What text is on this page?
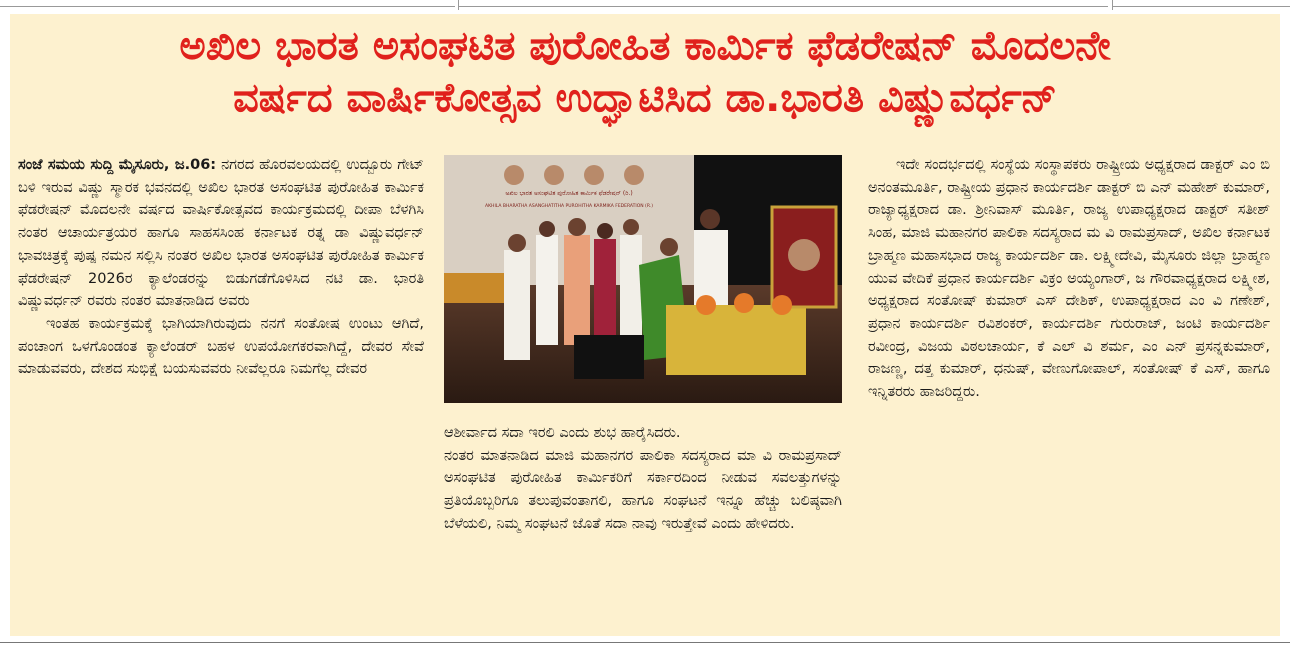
ಅಖಿಲ ಭಾರತ ಅಸಂಘಟಿತ ಪುರೋಹಿತ ಕಾರ್ಮಿಕ ಫೆಡರೇಷನ್ ಮೊದಲನೇ
ವರ್ಷದ ವಾರ್ಷಿಕೋತ್ಸವ ಉದ್ಘಾಟಿಸಿದ ಡಾ.ಭಾರತಿ ವಿಷ್ಣುವರ್ಧನ್

ಸಂಜೆ ಸಮಯ ಸುದ್ದಿ ಮೈಸೂರು, ಜ.06: ನಗರದ ಹೊರವಲಯದಲ್ಲಿ ಉದ್ಬೂರು ಗೇಟ್ ಬಳಿ ಇರುವ ವಿಷ್ಣು ಸ್ಮಾರಕ ಭವನದಲ್ಲಿ ಅಖಿಲ ಭಾರತ ಅಸಂಘಟಿತ ಪುರೋಹಿತ ಕಾರ್ಮಿಕ ಫೆಡರೇಷನ್ ಮೊದಲನೇ ವರ್ಷದ ವಾರ್ಷಿಕೋತ್ಸವದ ಕಾರ್ಯಕ್ರಮದಲ್ಲಿ ದೀಪಾ ಬೆಳಗಿಸಿ ನಂತರ ಆಚಾರ್ಯತ್ರಯರ ಹಾಗೂ ಸಾಹಸಸಿಂಹ ಕರ್ನಾಟಕ ರತ್ನ ಡಾ ವಿಷ್ಣುವರ್ಧನ್ ಭಾವಚಿತ್ರಕ್ಕೆ ಪುಷ್ಪ ನಮನ ಸಲ್ಲಿಸಿ ನಂತರ ಅಖಿಲ ಭಾರತ ಅಸಂಘಟಿತ ಪುರೋಹಿತ ಕಾರ್ಮಿಕ ಫೆಡರೇಷನ್ 2026ರ ಕ್ಯಾಲೆಂಡರನ್ನು ಬಿಡುಗಡೆಗೊಳಿಸಿದ ನಟಿ ಡಾ. ಭಾರತಿ ವಿಷ್ಣುವರ್ಧನ್ ರವರು ನಂತರ ಮಾತನಾಡಿದ ಅವರು

ಇಂತಹ ಕಾರ್ಯಕ್ರಮಕ್ಕೆ ಭಾಗಿಯಾಗಿರುವುದು ನನಗೆ ಸಂತೋಷ ಉಂಟು ಆಗಿದೆ, ಪಂಚಾಂಗ ಒಳಗೊಂಡಂತ ಕ್ಯಾಲೆಂಡರ್ ಬಹಳ ಉಪಯೋಗಕರವಾಗಿದ್ದೆ, ದೇವರ ಸೇವೆ ಮಾಡುವವರು, ದೇಶದ ಸುಭಿಕ್ಷೆ ಬಯಸುವವರು ನೀವೆಲ್ಲರೂ ನಿಮಗೆಲ್ಲ ದೇವರ

ಅಖಿಲ ಭಾರತ ಅಸಂಘಟಿತ ಪುರೋಹಿತ ಕಾರ್ಮಿಕ ಫೆಡರೇಷನ್ (ರಿ.)
AKHILA BHARATHA ASANGHATITHA PUROHITHA KARMIKA FEDERATION (R.)

ಆಶೀರ್ವಾದ ಸದಾ ಇರಲಿ ಎಂದು ಶುಭ ಹಾರೈಸಿದರು.

ನಂತರ ಮಾತನಾಡಿದ ಮಾಜಿ ಮಹಾನಗರ ಪಾಲಿಕಾ ಸದಸ್ಯರಾದ ಮಾ ವಿ ರಾಮಪ್ರಸಾದ್ ಅಸಂಘಟಿತ ಪುರೋಹಿತ ಕಾರ್ಮಿಕರಿಗೆ ಸರ್ಕಾರದಿಂದ ನೀಡುವ ಸವಲತ್ತುಗಳನ್ನು ಪ್ರತಿಯೊಬ್ಬರಿಗೂ ತಲುಪುವಂತಾಗಲಿ, ಹಾಗೂ ಸಂಘಟನೆ ಇನ್ನೂ ಹೆಚ್ಚು ಬಲಿಷ್ಠವಾಗಿ ಬೆಳೆಯಲಿ, ನಿಮ್ಮ ಸಂಘಟನೆ ಜೊತೆ ಸದಾ ನಾವು ಇರುತ್ತೇವೆ ಎಂದು ಹೇಳಿದರು.

ಇದೇ ಸಂದರ್ಭದಲ್ಲಿ ಸಂಸ್ಥೆಯ ಸಂಸ್ಥಾಪಕರು ರಾಷ್ಟ್ರೀಯ ಅಧ್ಯಕ್ಷರಾದ ಡಾಕ್ಟರ್ ಎಂ ಬಿ ಅನಂತಮೂರ್ತಿ, ರಾಷ್ಟ್ರೀಯ ಪ್ರಧಾನ ಕಾರ್ಯದರ್ಶಿ ಡಾಕ್ಟರ್ ಬಿ ಎನ್ ಮಹೇಶ್ ಕುಮಾರ್, ರಾಜ್ಯಾಧ್ಯಕ್ಷರಾದ ಡಾ. ಶ್ರೀನಿವಾಸ್ ಮೂರ್ತಿ, ರಾಜ್ಯ ಉಪಾಧ್ಯಕ್ಷರಾದ ಡಾಕ್ಟರ್ ಸತೀಶ್ ಸಿಂಹ, ಮಾಜಿ ಮಹಾನಗರ ಪಾಲಿಕಾ ಸದಸ್ಯರಾದ ಮ ವಿ ರಾಮಪ್ರಸಾದ್, ಅಖಿಲ ಕರ್ನಾಟಕ ಬ್ರಾಹ್ಮಣ ಮಹಾಸಭಾದ ರಾಜ್ಯ ಕಾರ್ಯದರ್ಶಿ ಡಾ. ಲಕ್ಷ್ಮೀದೇವಿ, ಮೈಸೂರು ಜಿಲ್ಲಾ ಬ್ರಾಹ್ಮಣ ಯುವ ವೇದಿಕೆ ಪ್ರಧಾನ ಕಾರ್ಯದರ್ಶಿ ವಿಕ್ರಂ ಅಯ್ಯಂಗಾರ್, ಜ ಗೌರವಾಧ್ಯಕ್ಷರಾದ ಲಕ್ಷ್ಮೀಶ, ಅಧ್ಯಕ್ಷರಾದ ಸಂತೋಷ್ ಕುಮಾರ್ ಎಸ್ ದೇಶಿಕ್, ಉಪಾಧ್ಯಕ್ಷರಾದ ಎಂ ವಿ ಗಣೇಶ್, ಪ್ರಧಾನ ಕಾರ್ಯದರ್ಶಿ ರವಿಶಂಕರ್, ಕಾರ್ಯದರ್ಶಿ ಗುರುರಾಜ್, ಜಂಟಿ ಕಾರ್ಯದರ್ಶಿ ರವೀಂದ್ರ, ವಿಜಯ ವಿಠಲಚಾರ್ಯ, ಕೆ ಎಲ್ ವಿ ಶರ್ಮ, ಎಂ ಎನ್ ಪ್ರಸನ್ನಕುಮಾರ್, ರಾಜಣ್ಣ, ದತ್ತ ಕುಮಾರ್, ಧನುಷ್, ವೇಣುಗೋಪಾಲ್, ಸಂತೋಷ್ ಕೆ ಎಸ್, ಹಾಗೂ ಇನ್ನಿತರರು ಹಾಜರಿದ್ದರು.
